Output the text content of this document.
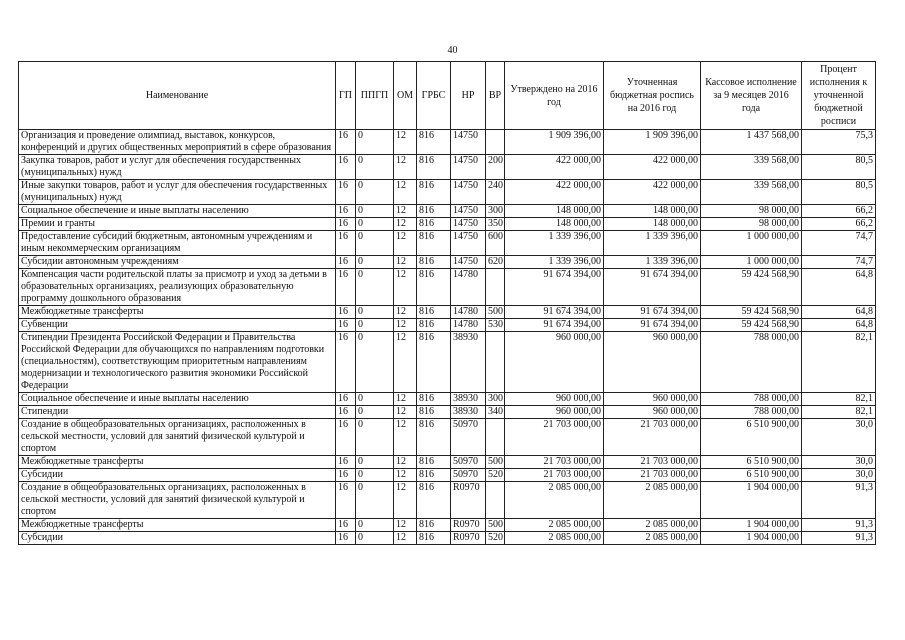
40
Наименование	ГП	ППГП	ОМ	ГРБС	НР	ВР	Утверждено на 2016 год	Уточненная бюджетная роспись на 2016 год	Кассовое исполнение за 9 месяцев 2016 года	Процент исполнения к уточненной бюджетной росписи
Организация и проведение олимпиад, выставок, конкурсов, конференций и других общественных мероприятий в сфере образования	16	0	12	816	14750		1 909 396,00	1 909 396,00	1 437 568,00	75,3
Закупка товаров, работ и услуг для обеспечения государственных (муниципальных) нужд	16	0	12	816	14750	200	422 000,00	422 000,00	339 568,00	80,5
Иные закупки товаров, работ и услуг для обеспечения государственных (муниципальных) нужд	16	0	12	816	14750	240	422 000,00	422 000,00	339 568,00	80,5
Социальное обеспечение и иные выплаты населению	16	0	12	816	14750	300	148 000,00	148 000,00	98 000,00	66,2
Премии и гранты	16	0	12	816	14750	350	148 000,00	148 000,00	98 000,00	66,2
Предоставление субсидий бюджетным, автономным учреждениям и иным некоммерческим организациям	16	0	12	816	14750	600	1 339 396,00	1 339 396,00	1 000 000,00	74,7
Субсидии автономным учреждениям	16	0	12	816	14750	620	1 339 396,00	1 339 396,00	1 000 000,00	74,7
Компенсация части родительской платы за присмотр и уход за детьми в образовательных организациях, реализующих образовательную программу дошкольного образования	16	0	12	816	14780		91 674 394,00	91 674 394,00	59 424 568,90	64,8
Межбюджетные трансферты	16	0	12	816	14780	500	91 674 394,00	91 674 394,00	59 424 568,90	64,8
Субвенции	16	0	12	816	14780	530	91 674 394,00	91 674 394,00	59 424 568,90	64,8
Стипендии Президента Российской Федерации и Правительства Российской Федерации для обучающихся по направлениям подготовки (специальностям), соответствующим приоритетным направлениям модернизации и технологического развития экономики Российской Федерации	16	0	12	816	38930		960 000,00	960 000,00	788 000,00	82,1
Социальное обеспечение и иные выплаты населению	16	0	12	816	38930	300	960 000,00	960 000,00	788 000,00	82,1
Стипендии	16	0	12	816	38930	340	960 000,00	960 000,00	788 000,00	82,1
Создание в общеобразовательных организациях, расположенных в сельской местности, условий для занятий физической культурой и спортом	16	0	12	816	50970		21 703 000,00	21 703 000,00	6 510 900,00	30,0
Межбюджетные трансферты	16	0	12	816	50970	500	21 703 000,00	21 703 000,00	6 510 900,00	30,0
Субсидии	16	0	12	816	50970	520	21 703 000,00	21 703 000,00	6 510 900,00	30,0
Создание в общеобразовательных организациях, расположенных в сельской местности, условий для занятий физической культурой и спортом	16	0	12	816	R0970		2 085 000,00	2 085 000,00	1 904 000,00	91,3
Межбюджетные трансферты	16	0	12	816	R0970	500	2 085 000,00	2 085 000,00	1 904 000,00	91,3
Субсидии	16	0	12	816	R0970	520	2 085 000,00	2 085 000,00	1 904 000,00	91,3
